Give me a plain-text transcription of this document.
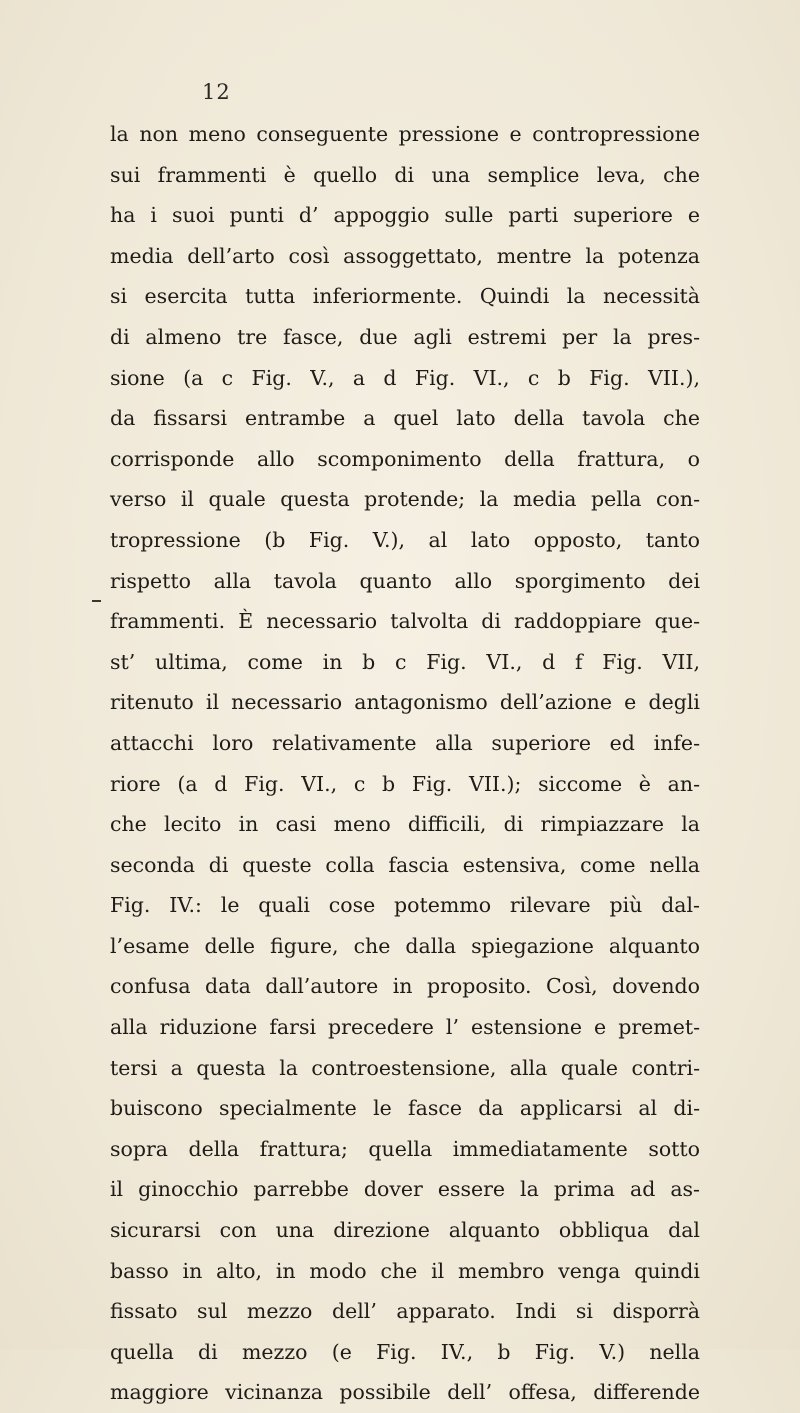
12
la non meno conseguente pressione e contropressione
sui frammenti è quello di una semplice leva, che
ha i suoi punti d’ appoggio sulle parti superiore e
media dell’arto così assoggettato, mentre la potenza
si esercita tutta inferiormente. Quindi la necessità
di almeno tre fasce, due agli estremi per la pres-
sione (a c Fig. V., a d Fig. VI., c b Fig. VII.),
da fissarsi entrambe a quel lato della tavola che
corrisponde allo scomponimento della frattura, o
verso il quale questa protende; la media pella con-
tropressione (b Fig. V.), al lato opposto, tanto
rispetto alla tavola quanto allo sporgimento dei
frammenti. È necessario talvolta di raddoppiare que-
st’ ultima, come in b c Fig. VI., d f Fig. VII,
ritenuto il necessario antagonismo dell’azione e degli
attacchi loro relativamente alla superiore ed infe-
riore (a d Fig. VI., c b Fig. VII.); siccome è an-
che lecito in casi meno difficili, di rimpiazzare la
seconda di queste colla fascia estensiva, come nella
Fig. IV.: le quali cose potemmo rilevare più dal-
l’esame delle figure, che dalla spiegazione alquanto
confusa data dall’autore in proposito. Così, dovendo
alla riduzione farsi precedere l’ estensione e premet-
tersi a questa la controestensione, alla quale contri-
buiscono specialmente le fasce da applicarsi al di-
sopra della frattura; quella immediatamente sotto
il ginocchio parrebbe dover essere la prima ad as-
sicurarsi con una direzione alquanto obbliqua dal
basso in alto, in modo che il membro venga quindi
fissato sul mezzo dell’ apparato. Indi si disporrà
quella di mezzo (e Fig. IV., b Fig. V.) nella
maggiore vicinanza possibile dell’ offesa, differende
